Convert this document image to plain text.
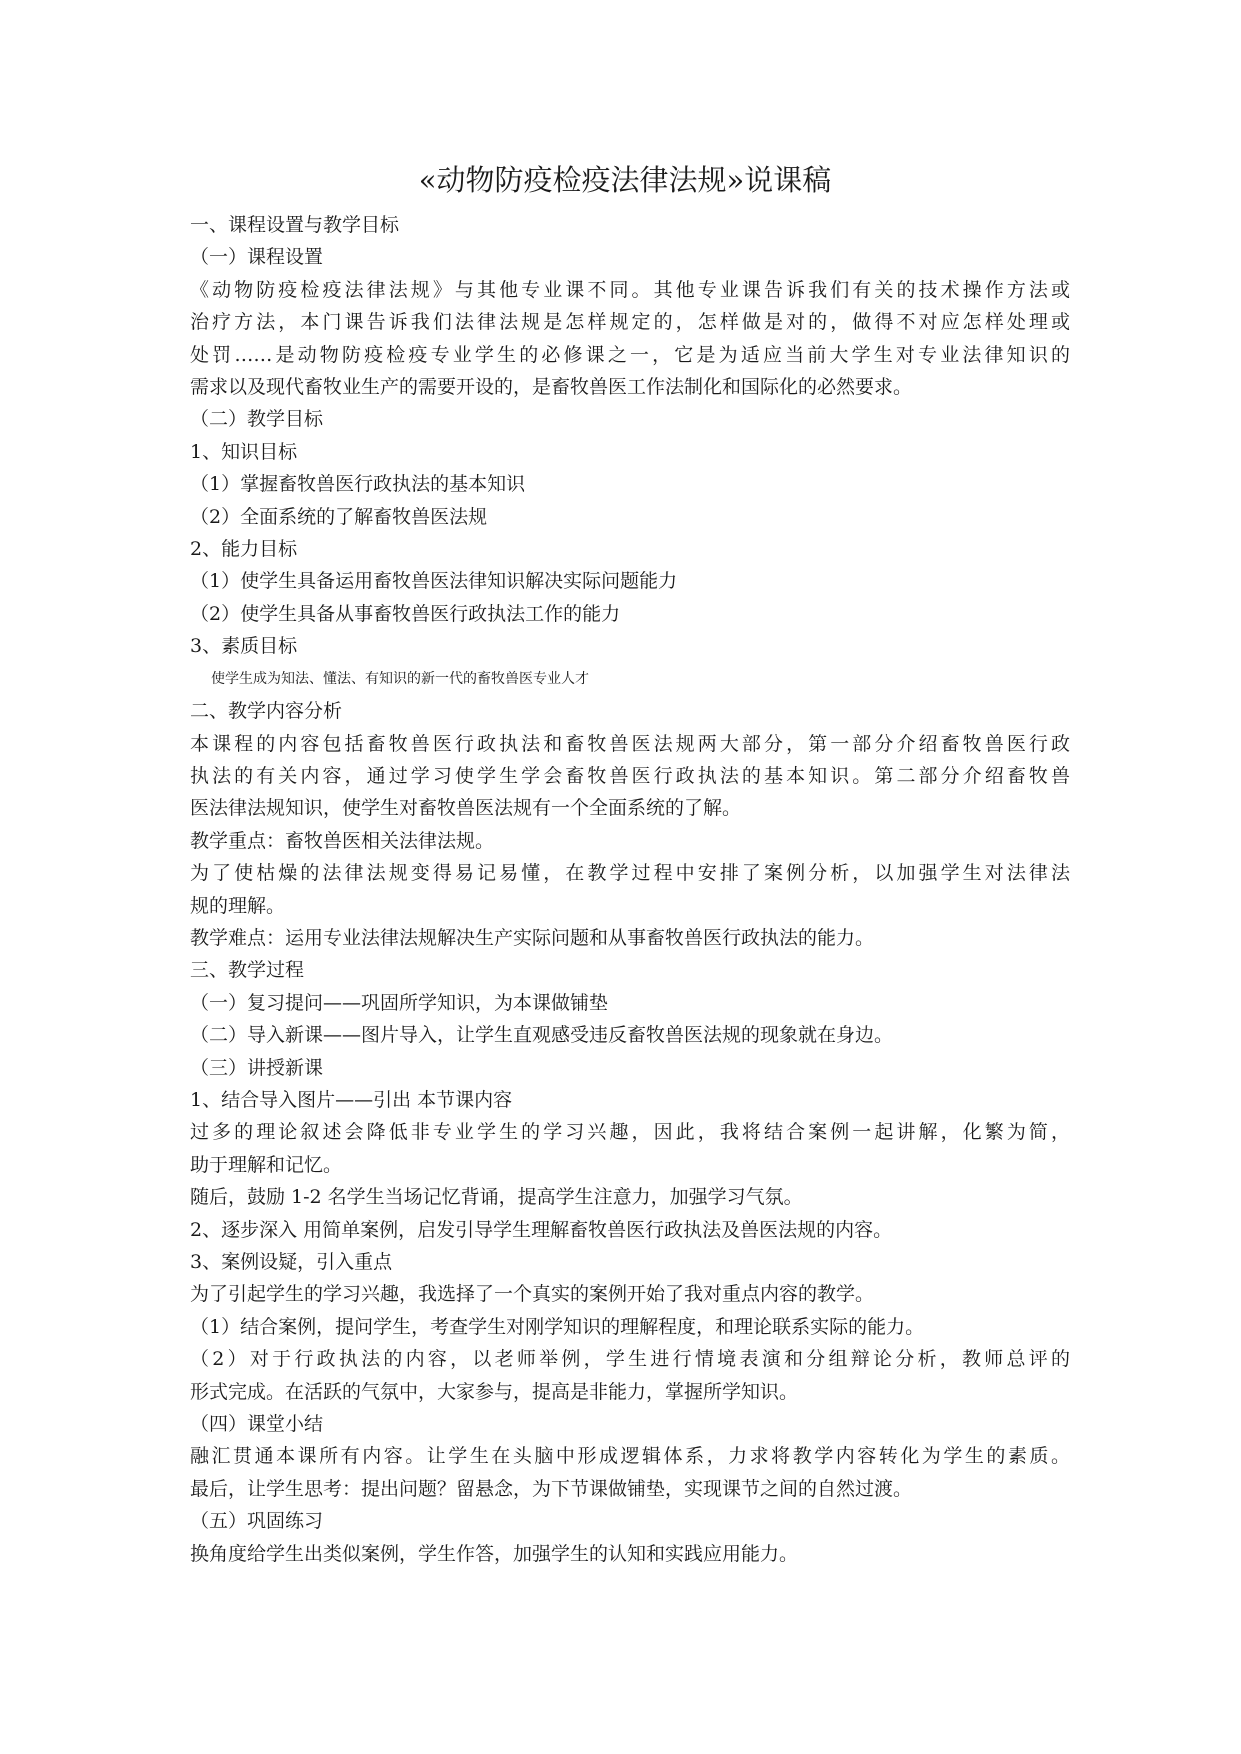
«动物防疫检疫法律法规»说课稿

一、课程设置与教学目标

（一）课程设置

《动物防疫检疫法律法规》与其他专业课不同。其他专业课告诉我们有关的技术操作方法或

治疗方法，本门课告诉我们法律法规是怎样规定的，怎样做是对的，做得不对应怎样处理或

处罚……是动物防疫检疫专业学生的必修课之一，它是为适应当前大学生对专业法律知识的

需求以及现代畜牧业生产的需要开设的，是畜牧兽医工作法制化和国际化的必然要求。

（二）教学目标

1、知识目标

（1）掌握畜牧兽医行政执法的基本知识

（2）全面系统的了解畜牧兽医法规

2、能力目标

（1）使学生具备运用畜牧兽医法律知识解决实际问题能力

（2）使学生具备从事畜牧兽医行政执法工作的能力

3、素质目标

使学生成为知法、懂法、有知识的新一代的畜牧兽医专业人才

二、教学内容分析

本课程的内容包括畜牧兽医行政执法和畜牧兽医法规两大部分，第一部分介绍畜牧兽医行政

执法的有关内容，通过学习使学生学会畜牧兽医行政执法的基本知识。第二部分介绍畜牧兽

医法律法规知识，使学生对畜牧兽医法规有一个全面系统的了解。

教学重点：畜牧兽医相关法律法规。

为了使枯燥的法律法规变得易记易懂，在教学过程中安排了案例分析，以加强学生对法律法

规的理解。

教学难点：运用专业法律法规解决生产实际问题和从事畜牧兽医行政执法的能力。

三、教学过程

（一）复习提问——巩固所学知识，为本课做铺垫

（二）导入新课——图片导入，让学生直观感受违反畜牧兽医法规的现象就在身边。

（三）讲授新课

1、结合导入图片——引出 本节课内容

过多的理论叙述会降低非专业学生的学习兴趣，因此，我将结合案例一起讲解，化繁为简，

助于理解和记忆。

随后，鼓励 1-2 名学生当场记忆背诵，提高学生注意力，加强学习气氛。

2、逐步深入 用简单案例，启发引导学生理解畜牧兽医行政执法及兽医法规的内容。

3、案例设疑，引入重点

为了引起学生的学习兴趣，我选择了一个真实的案例开始了我对重点内容的教学。

（1）结合案例，提问学生，考查学生对刚学知识的理解程度，和理论联系实际的能力。

（2）对于行政执法的内容，以老师举例，学生进行情境表演和分组辩论分析，教师总评的

形式完成。在活跃的气氛中，大家参与，提高是非能力，掌握所学知识。

（四）课堂小结

融汇贯通本课所有内容。让学生在头脑中形成逻辑体系，力求将教学内容转化为学生的素质。

最后，让学生思考：提出问题？留悬念，为下节课做铺垫，实现课节之间的自然过渡。

（五）巩固练习

换角度给学生出类似案例，学生作答，加强学生的认知和实践应用能力。
